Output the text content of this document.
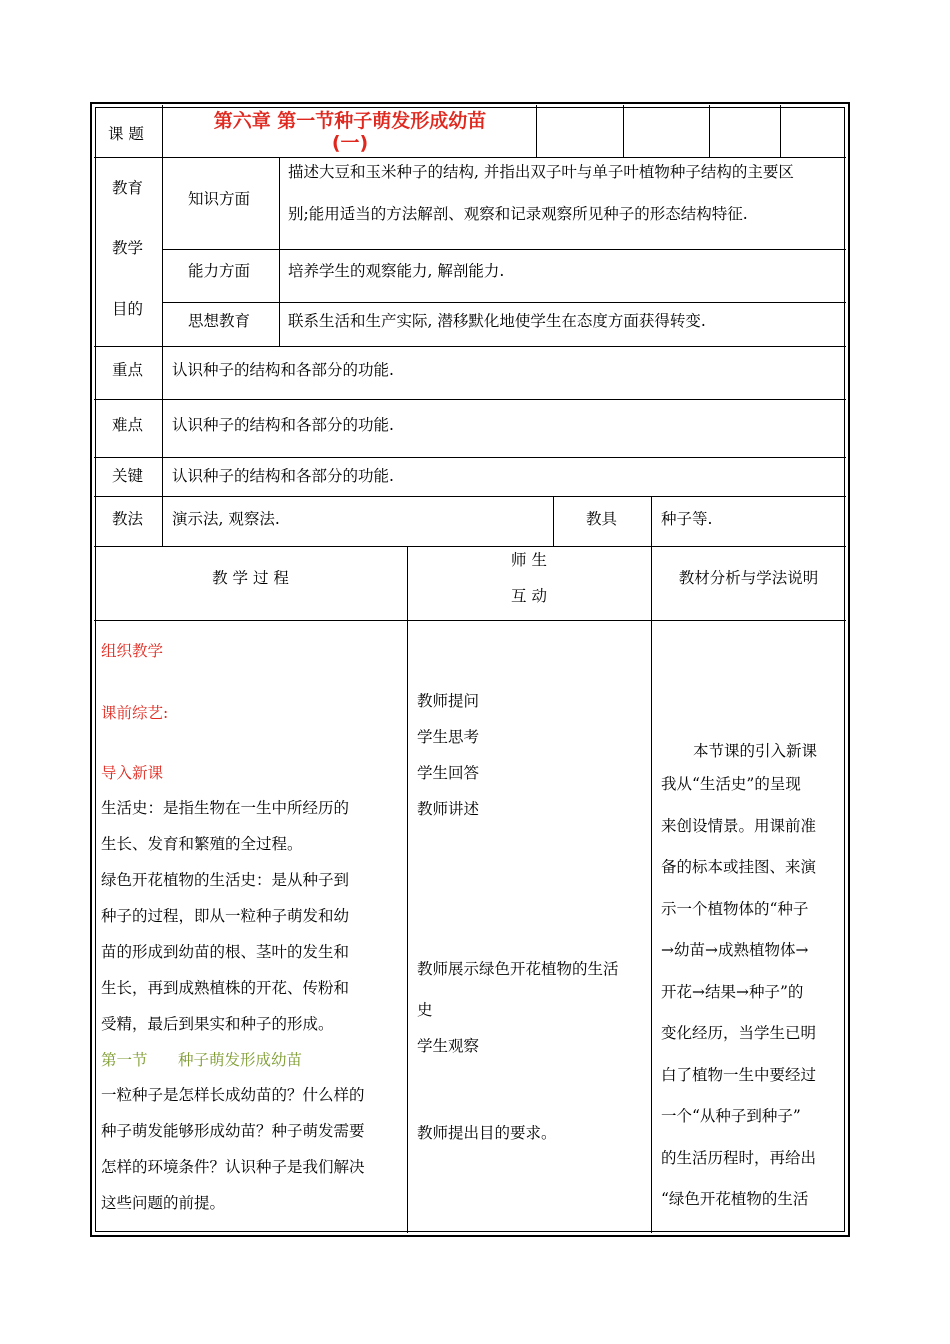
课 题
第六章 第一节种子萌发形成幼苗
(一)
教育
教学
目的
知识方面
描述大豆和玉米种子的结构, 并指出双子叶与单子叶植物种子结构的主要区
别;能用适当的方法解剖、观察和记录观察所见种子的形态结构特征.
能力方面 培养学生的观察能力, 解剖能力.
思想教育 联系生活和生产实际, 潜移默化地使学生在态度方面获得转变.
重点 认识种子的结构和各部分的功能.
难点 认识种子的结构和各部分的功能.
关键 认识种子的结构和各部分的功能.
教法 演示法, 观察法.	教具	种子等.
教 学 过 程
师 生
互 动
教材分析与学法说明
组织教学
课前综艺:
导入新课
生活史：是指生物在一生中所经历的
生长、发育和繁殖的全过程。
绿色开花植物的生活史：是从种子到
种子的过程，即从一粒种子萌发和幼
苗的形成到幼苗的根、茎叶的发生和
生长，再到成熟植株的开花、传粉和
受精，最后到果实和种子的形成。
第一节 种子萌发形成幼苗
一粒种子是怎样长成幼苗的？什么样的
种子萌发能够形成幼苗？种子萌发需要
怎样的环境条件？认识种子是我们解决
这些问题的前提。
教师提问
学生思考
学生回答
教师讲述
教师展示绿色开花植物的生活
史
学生观察
教师提出目的要求。
本节课的引入新课
我从“生活史”的呈现
来创设情景。用课前准
备的标本或挂图、来演
示一个植物体的“种子
→幼苗→成熟植物体→
开花→结果→种子”的
变化经历，当学生已明
白了植物一生中要经过
一个“从种子到种子”
的生活历程时，再给出
“绿色开花植物的生活
